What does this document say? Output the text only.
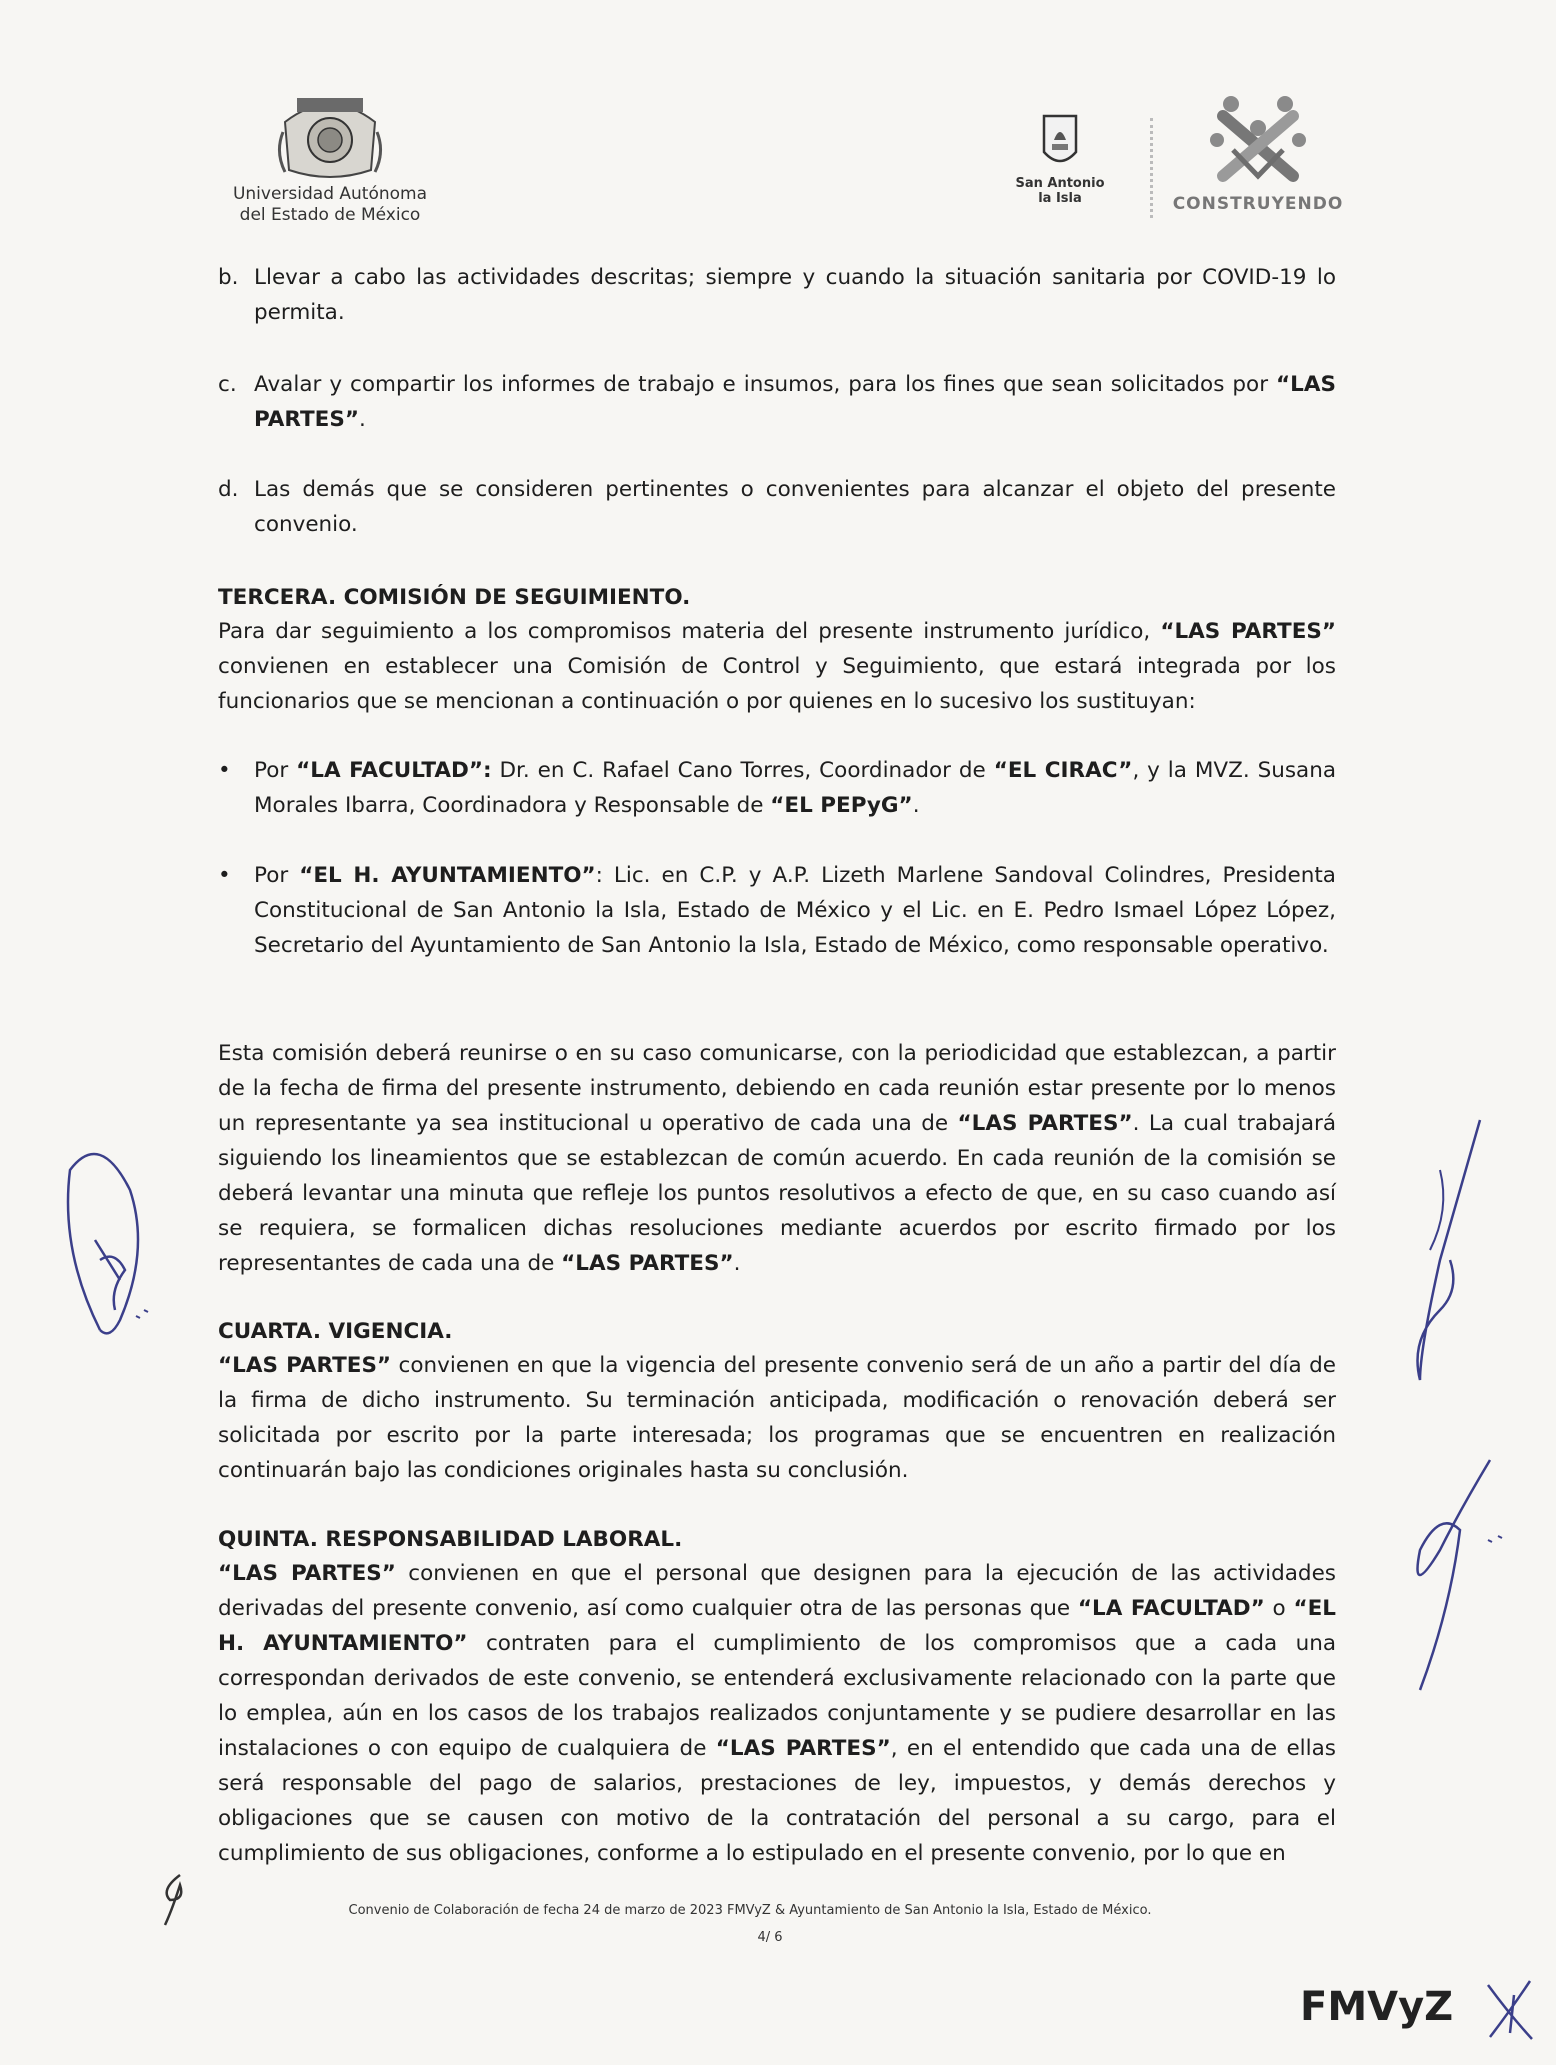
Universidad Autónoma
del Estado de México
San Antonio
la Isla	CONSTRUYENDO
b. Llevar a cabo las actividades descritas; siempre y cuando la situación sanitaria por COVID-19 lo permita.
c. Avalar y compartir los informes de trabajo e insumos, para los fines que sean solicitados por “LAS PARTES”.
d. Las demás que se consideren pertinentes o convenientes para alcanzar el objeto del presente convenio.
TERCERA. COMISIÓN DE SEGUIMIENTO.
Para dar seguimiento a los compromisos materia del presente instrumento jurídico, “LAS PARTES” convienen en establecer una Comisión de Control y Seguimiento, que estará integrada por los funcionarios que se mencionan a continuación o por quienes en lo sucesivo los sustituyan:
• Por “LA FACULTAD”: Dr. en C. Rafael Cano Torres, Coordinador de “EL CIRAC”, y la MVZ. Susana Morales Ibarra, Coordinadora y Responsable de “EL PEPyG”.
• Por “EL H. AYUNTAMIENTO”: Lic. en C.P. y A.P. Lizeth Marlene Sandoval Colindres, Presidenta Constitucional de San Antonio la Isla, Estado de México y el Lic. en E. Pedro Ismael López López, Secretario del Ayuntamiento de San Antonio la Isla, Estado de México, como responsable operativo.
Esta comisión deberá reunirse o en su caso comunicarse, con la periodicidad que establezcan, a partir de la fecha de firma del presente instrumento, debiendo en cada reunión estar presente por lo menos un representante ya sea institucional u operativo de cada una de “LAS PARTES”. La cual trabajará siguiendo los lineamientos que se establezcan de común acuerdo. En cada reunión de la comisión se deberá levantar una minuta que refleje los puntos resolutivos a efecto de que, en su caso cuando así se requiera, se formalicen dichas resoluciones mediante acuerdos por escrito firmado por los representantes de cada una de “LAS PARTES”.
CUARTA. VIGENCIA.
“LAS PARTES” convienen en que la vigencia del presente convenio será de un año a partir del día de la firma de dicho instrumento. Su terminación anticipada, modificación o renovación deberá ser solicitada por escrito por la parte interesada; los programas que se encuentren en realización continuarán bajo las condiciones originales hasta su conclusión.
QUINTA. RESPONSABILIDAD LABORAL.
“LAS PARTES” convienen en que el personal que designen para la ejecución de las actividades derivadas del presente convenio, así como cualquier otra de las personas que “LA FACULTAD” o “EL H. AYUNTAMIENTO” contraten para el cumplimiento de los compromisos que a cada una correspondan derivados de este convenio, se entenderá exclusivamente relacionado con la parte que lo emplea, aún en los casos de los trabajos realizados conjuntamente y se pudiere desarrollar en las instalaciones o con equipo de cualquiera de “LAS PARTES”, en el entendido que cada una de ellas será responsable del pago de salarios, prestaciones de ley, impuestos, y demás derechos y obligaciones que se causen con motivo de la contratación del personal a su cargo, para el cumplimiento de sus obligaciones, conforme a lo estipulado en el presente convenio, por lo que en
Convenio de Colaboración de fecha 24 de marzo de 2023 FMVyZ & Ayuntamiento de San Antonio la Isla, Estado de México.
4/ 6
FMVyZ
